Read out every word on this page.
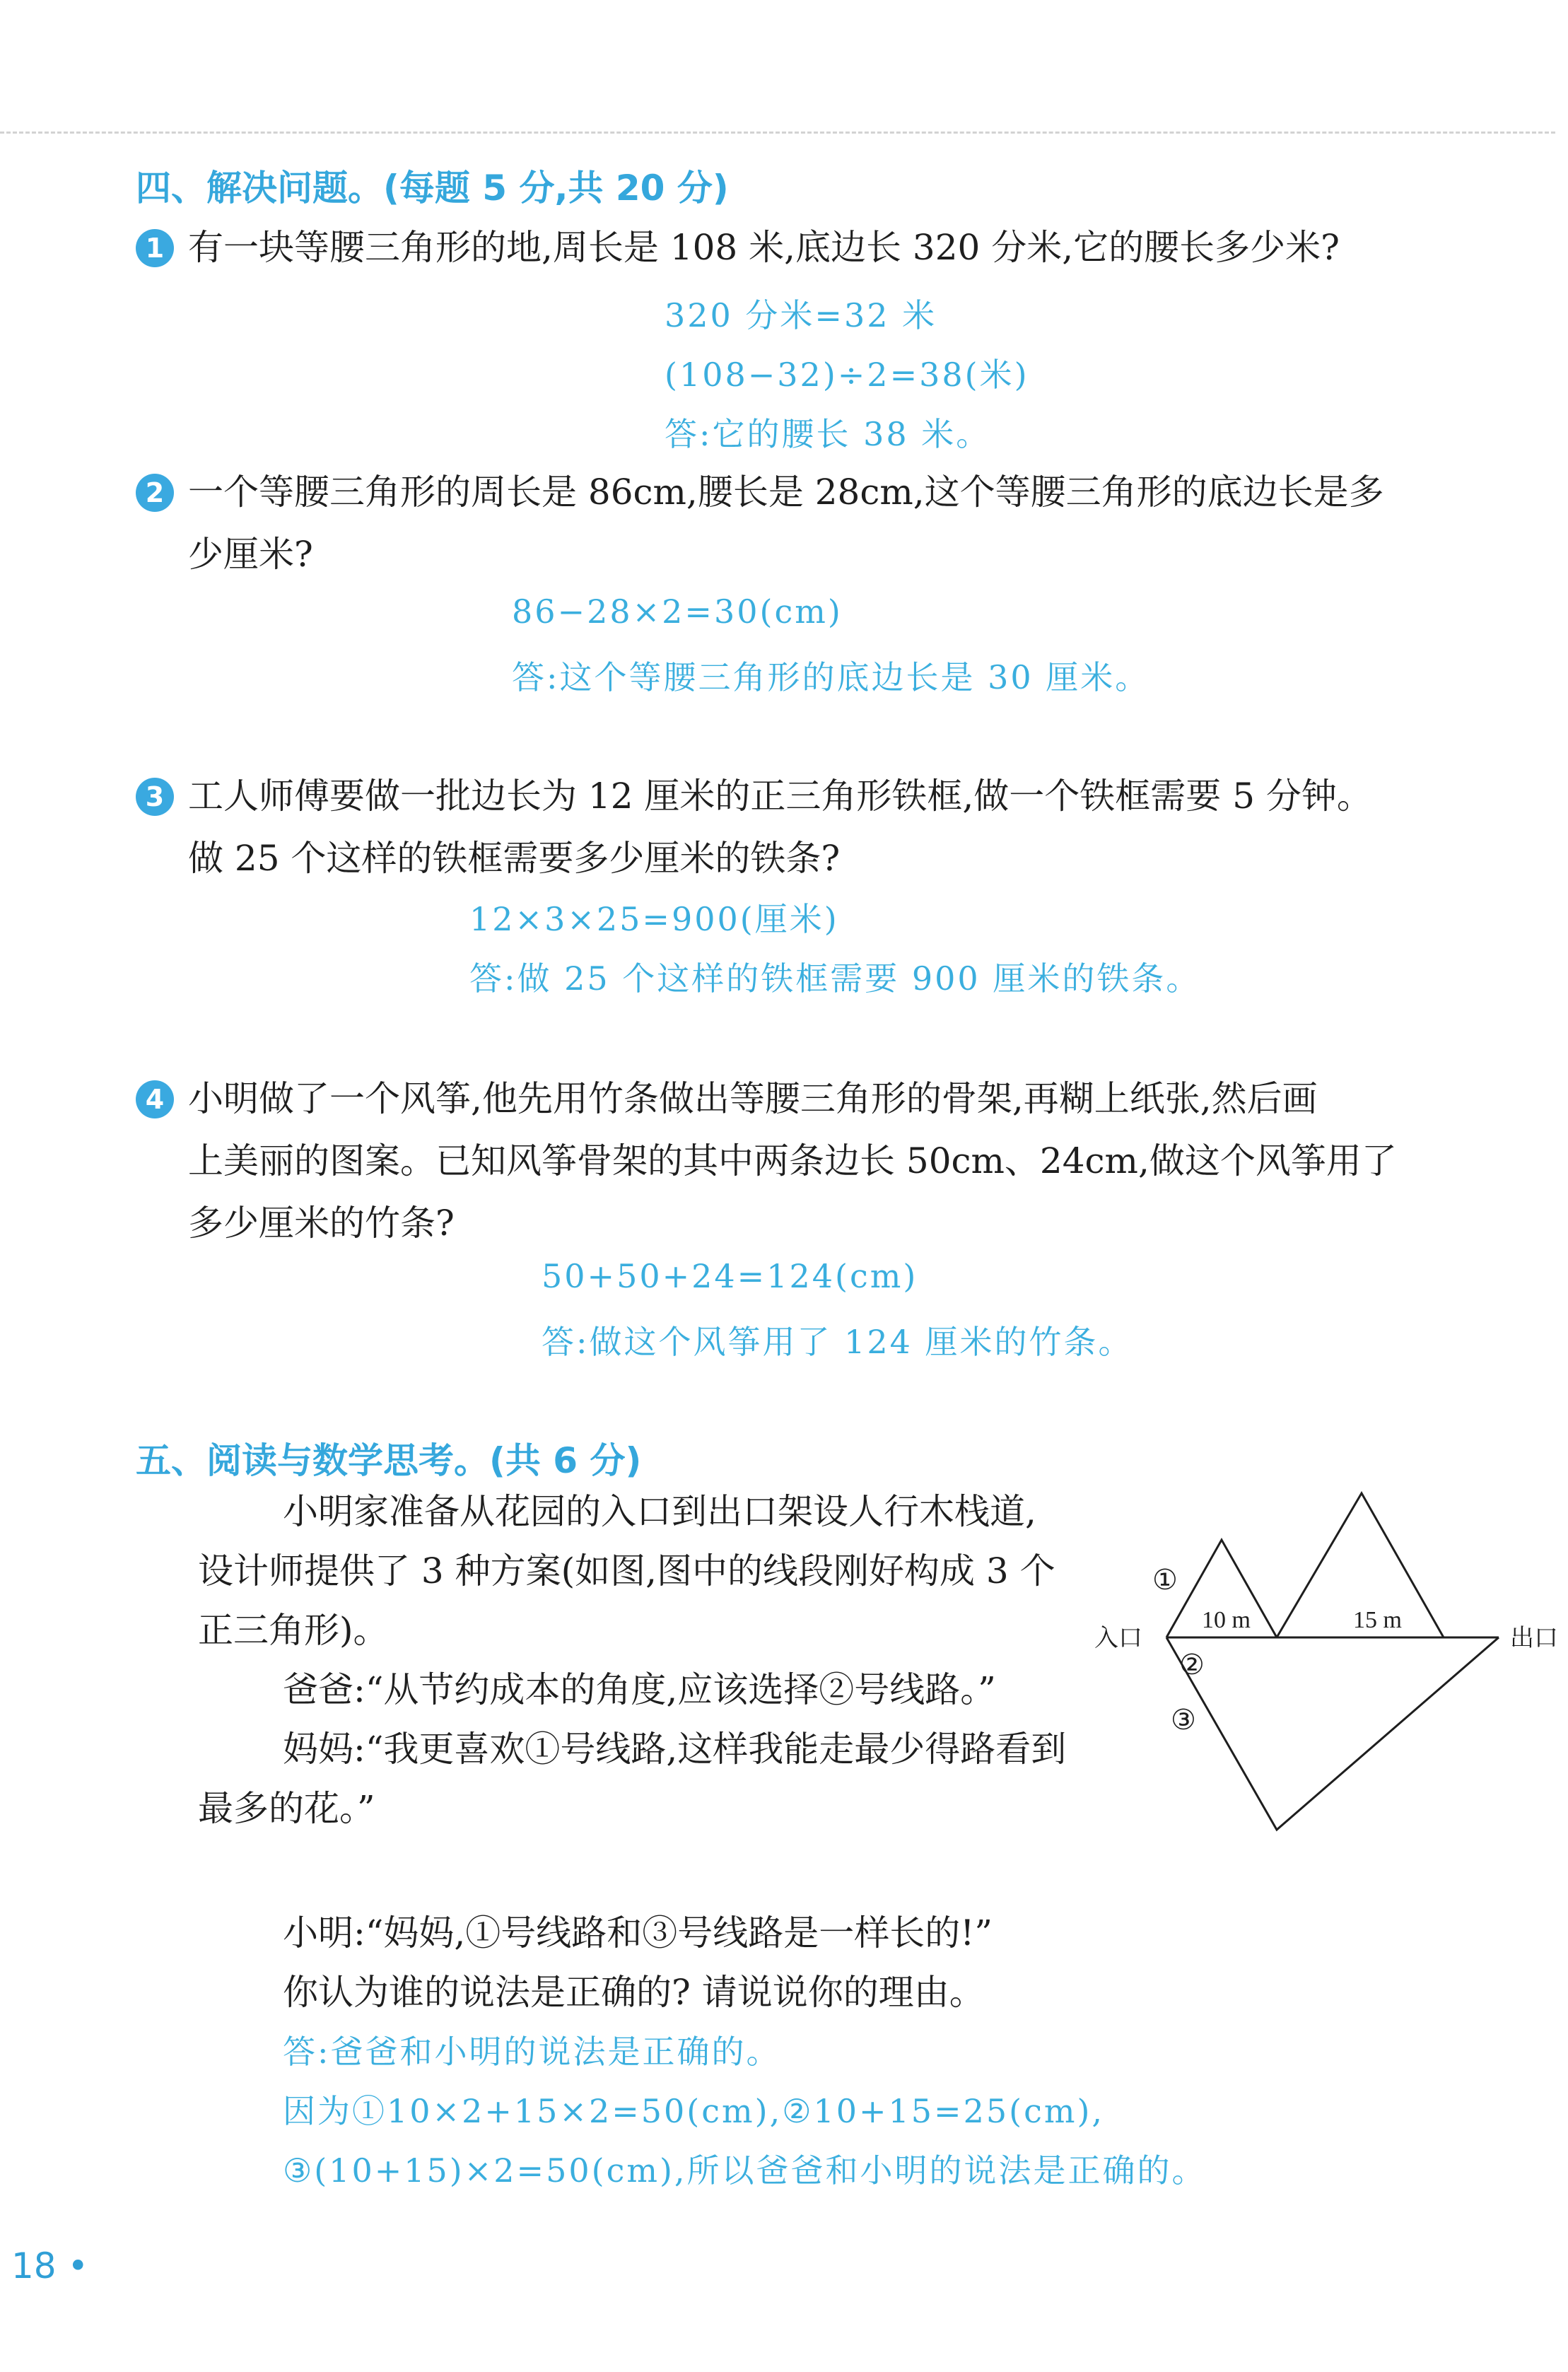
四、解决问题。(每题 5 分,共 20 分)
1 有一块等腰三角形的地,周长是 108 米,底边长 320 分米,它的腰长多少米?
320 分米=32 米
(108−32)÷2=38(米)
答:它的腰长 38 米。
2 一个等腰三角形的周长是 86cm,腰长是 28cm,这个等腰三角形的底边长是多
少厘米?
86−28×2=30(cm)
答:这个等腰三角形的底边长是 30 厘米。
3 工人师傅要做一批边长为 12 厘米的正三角形铁框,做一个铁框需要 5 分钟。
做 25 个这样的铁框需要多少厘米的铁条?
12×3×25=900(厘米)
答:做 25 个这样的铁框需要 900 厘米的铁条。
4 小明做了一个风筝,他先用竹条做出等腰三角形的骨架,再糊上纸张,然后画
上美丽的图案。已知风筝骨架的其中两条边长 50cm、24cm,做这个风筝用了
多少厘米的竹条?
50+50+24=124(cm)
答:做这个风筝用了 124 厘米的竹条。
五、阅读与数学思考。(共 6 分)
小明家准备从花园的入口到出口架设人行木栈道,设计师提供了 3 种方案(如图,图中的线段刚好构成 3 个正三角形)。
爸爸:“从节约成本的角度,应该选择②号线路。”
妈妈:“我更喜欢①号线路,这样我能走最少得路看到最多的花。”
小明:“妈妈,①号线路和③号线路是一样长的!”
你认为谁的说法是正确的? 请说说你的理由。
答:爸爸和小明的说法是正确的。
因为①10×2+15×2=50(cm),②10+15=25(cm),
③(10+15)×2=50(cm),所以爸爸和小明的说法是正确的。
入口	出口
10 m	15 m
①
②
③
18 •
